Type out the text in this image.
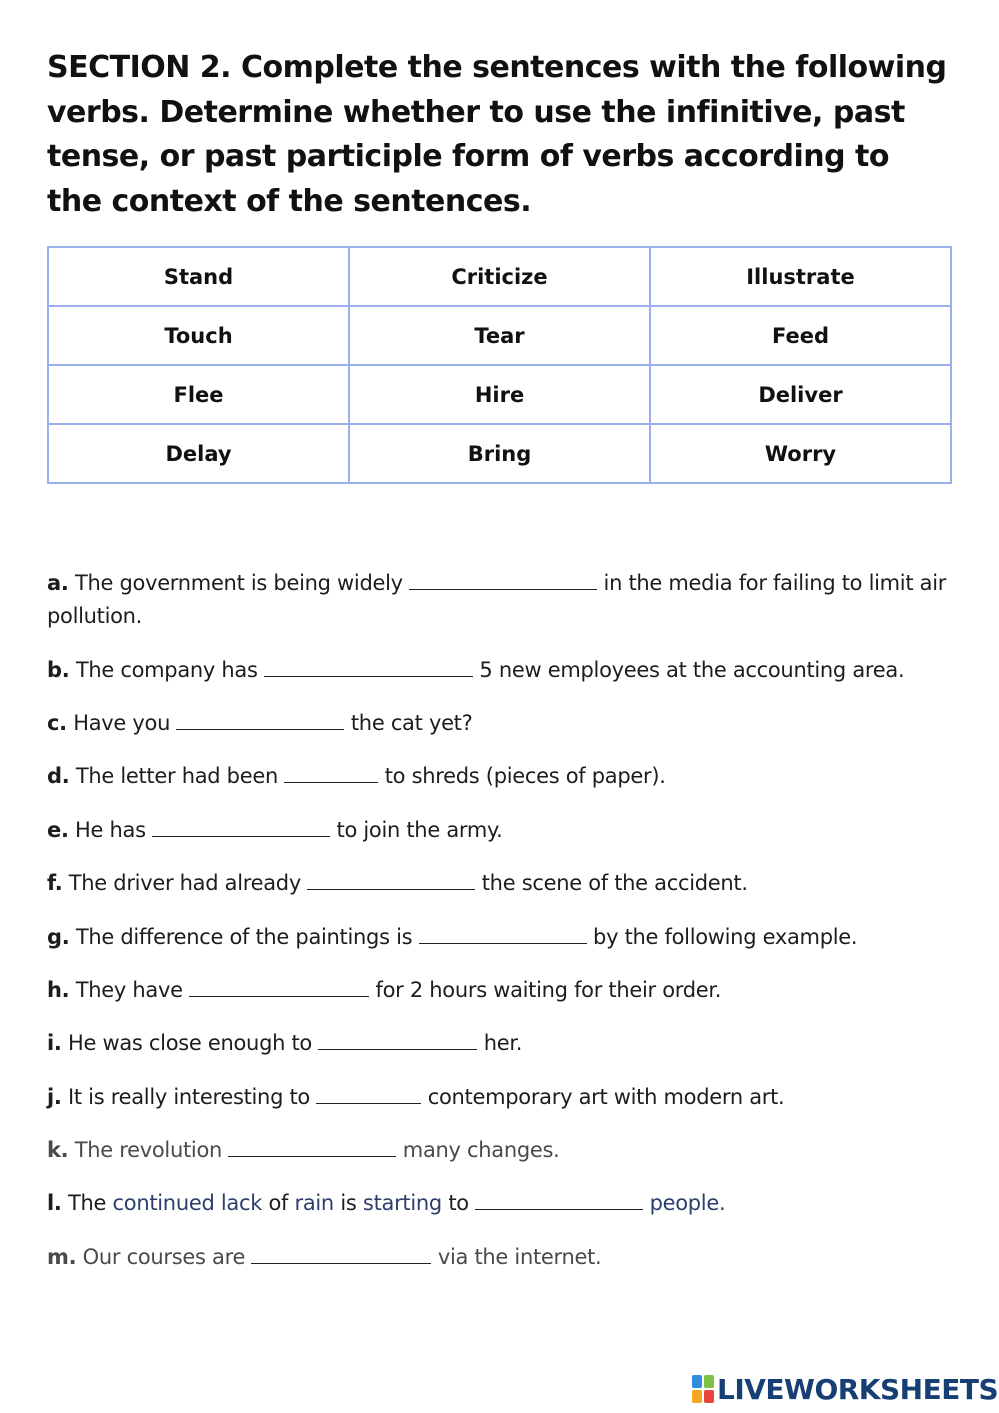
SECTION 2. Complete the sentences with the following verbs. Determine whether to use the infinitive, past tense, or past participle form of verbs according to the context of the sentences.
Stand	Criticize	Illustrate
Touch	Tear	Feed
Flee	Hire	Deliver
Delay	Bring	Worry
a. The government is being widely	in the media for failing to limit air pollution.
b. The company has	5 new employees at the accounting area.
c. Have you	the cat yet?
d. The letter had been	to shreds (pieces of paper).
e. He has	to join the army.
f. The driver had already	the scene of the accident.
g. The difference of the paintings is	by the following example.
h. They have	for 2 hours waiting for their order.
i. He was close enough to	her.
j. It is really interesting to	contemporary art with modern art.
k. The revolution	many changes.
l. The continued lack of rain is starting to	people.
m. Our courses are	via the internet.
LIVEWORKSHEETS
